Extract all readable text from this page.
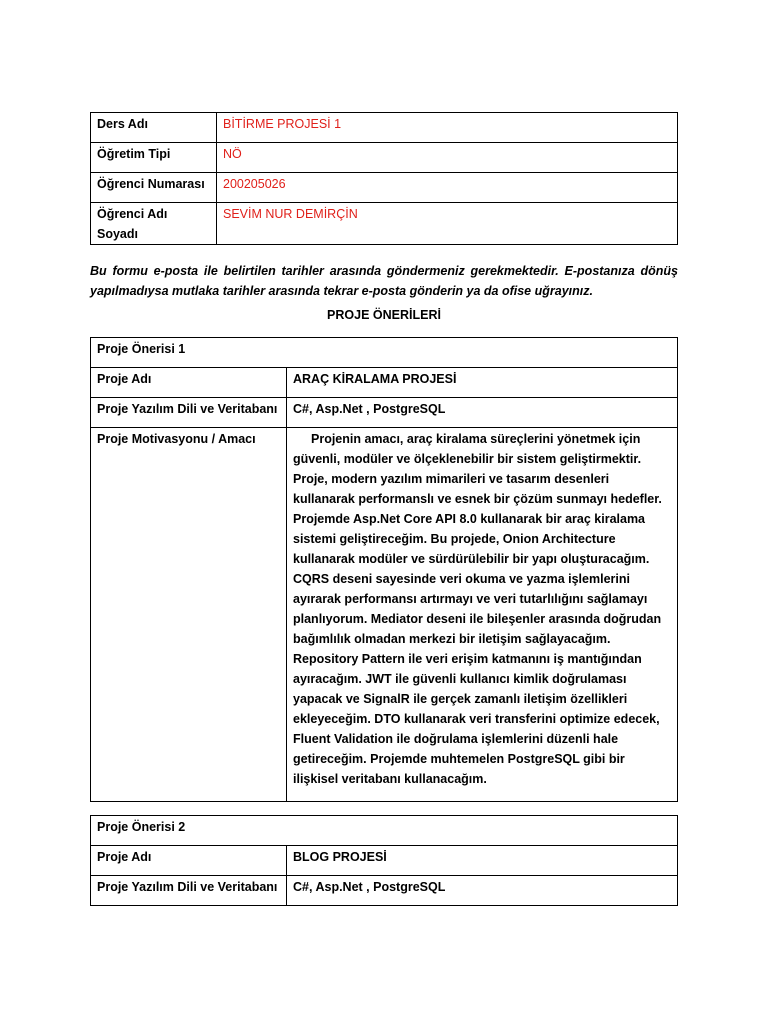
Ders Adı	BİTİRME PROJESİ 1
Öğretim Tipi	NÖ
Öğrenci Numarası	200205026
Öğrenci Adı Soyadı	SEVİM NUR DEMİRÇİN
Bu formu e-posta ile belirtilen tarihler arasında göndermeniz gerekmektedir. E-postanıza dönüş yapılmadıysa mutlaka tarihler arasında tekrar e-posta gönderin ya da ofise uğrayınız.
PROJE ÖNERİLERİ
Proje Önerisi 1	
Proje Adı	ARAÇ KİRALAMA PROJESİ
Proje Yazılım Dili ve Veritabanı	C#, Asp.Net , PostgreSQL
Proje Motivasyonu / Amacı	Projenin amacı, araç kiralama süreçlerini yönetmek için güvenli, modüler ve ölçeklenebilir bir sistem geliştirmektir. Proje, modern yazılım mimarileri ve tasarım desenleri kullanarak performanslı ve esnek bir çözüm sunmayı hedefler. Projemde Asp.Net Core API 8.0 kullanarak bir araç kiralama sistemi geliştireceğim. Bu projede, Onion Architecture kullanarak modüler ve sürdürülebilir bir yapı oluşturacağım. CQRS deseni sayesinde veri okuma ve yazma işlemlerini ayırarak performansı artırmayı ve veri tutarlılığını sağlamayı planlıyorum. Mediator deseni ile bileşenler arasında doğrudan bağımlılık olmadan merkezi bir iletişim sağlayacağım. Repository Pattern ile veri erişim katmanını iş mantığından ayıracağım. JWT ile güvenli kullanıcı kimlik doğrulaması yapacak ve SignalR ile gerçek zamanlı iletişim özellikleri ekleyeceğim. DTO kullanarak veri transferini optimize edecek, Fluent Validation ile doğrulama işlemlerini düzenli hale getireceğim. Projemde muhtemelen PostgreSQL gibi bir ilişkisel veritabanı kullanacağım.
Proje Önerisi 2	
Proje Adı	BLOG PROJESİ
Proje Yazılım Dili ve Veritabanı	C#, Asp.Net , PostgreSQL
